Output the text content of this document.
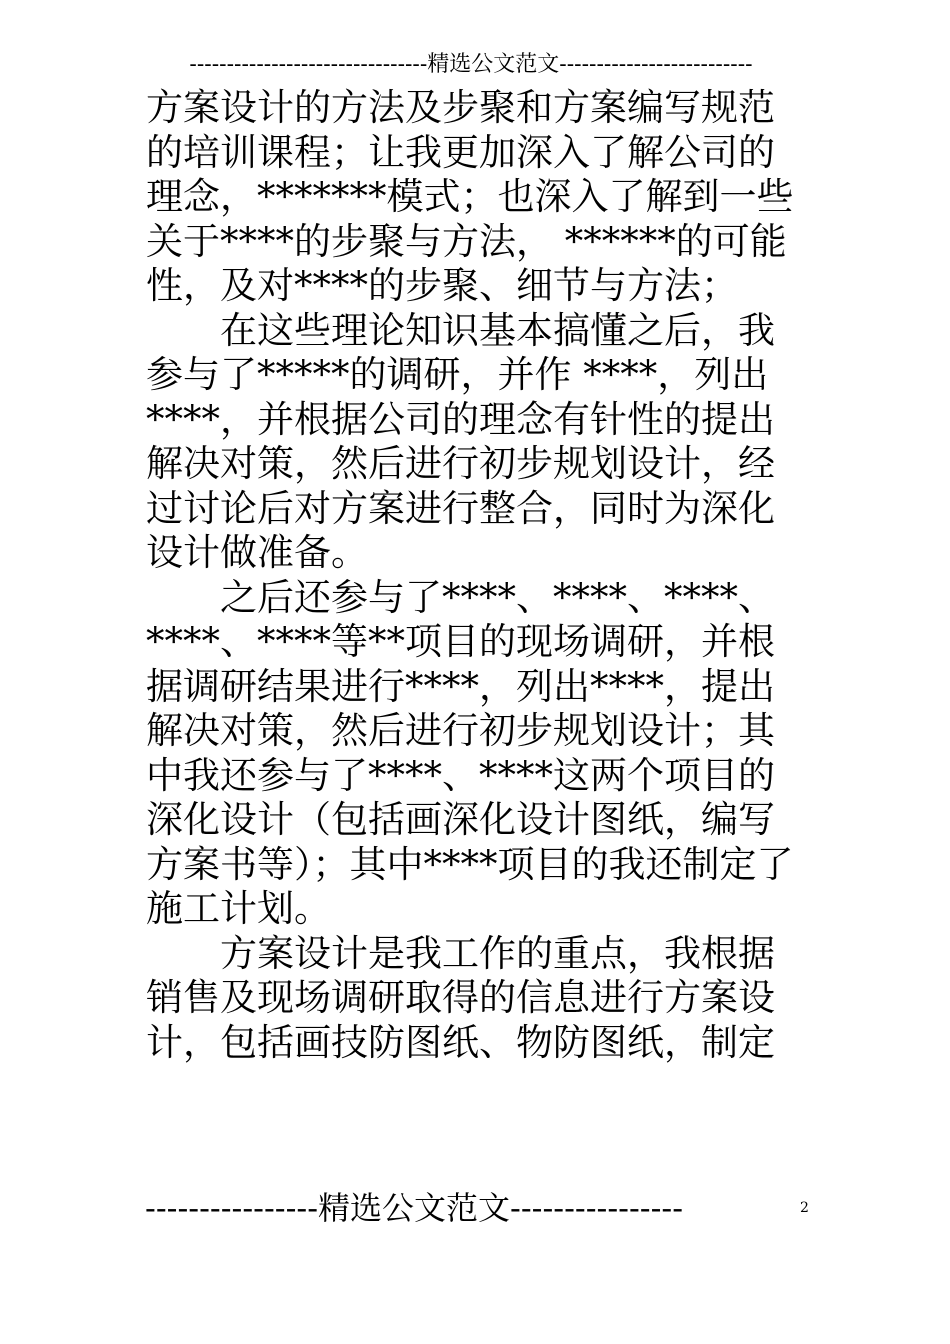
--------------------------------精选公文范文--------------------------
方案设计的方法及步聚和方案编写规范
的培训课程；让我更加深入了解公司的
理念，*******模式；也深入了解到一些
关于****的步聚与方法， ******的可能
性，及对****的步聚、细节与方法；
　　在这些理论知识基本搞懂之后，我
参与了*****的调研，并作 ****，列出
****，并根据公司的理念有针性的提出
解决对策，然后进行初步规划设计，经
过讨论后对方案进行整合，同时为深化
设计做准备。
　　之后还参与了****、****、****、
****、****等**项目的现场调研，并根
据调研结果进行****，列出****，提出
解决对策，然后进行初步规划设计；其
中我还参与了****、****这两个项目的
深化设计（包括画深化设计图纸，编写
方案书等）；其中****项目的我还制定了
施工计划。
　　方案设计是我工作的重点，我根据
销售及现场调研取得的信息进行方案设
计，包括画技防图纸、物防图纸，制定
----------------精选公文范文----------------	2
